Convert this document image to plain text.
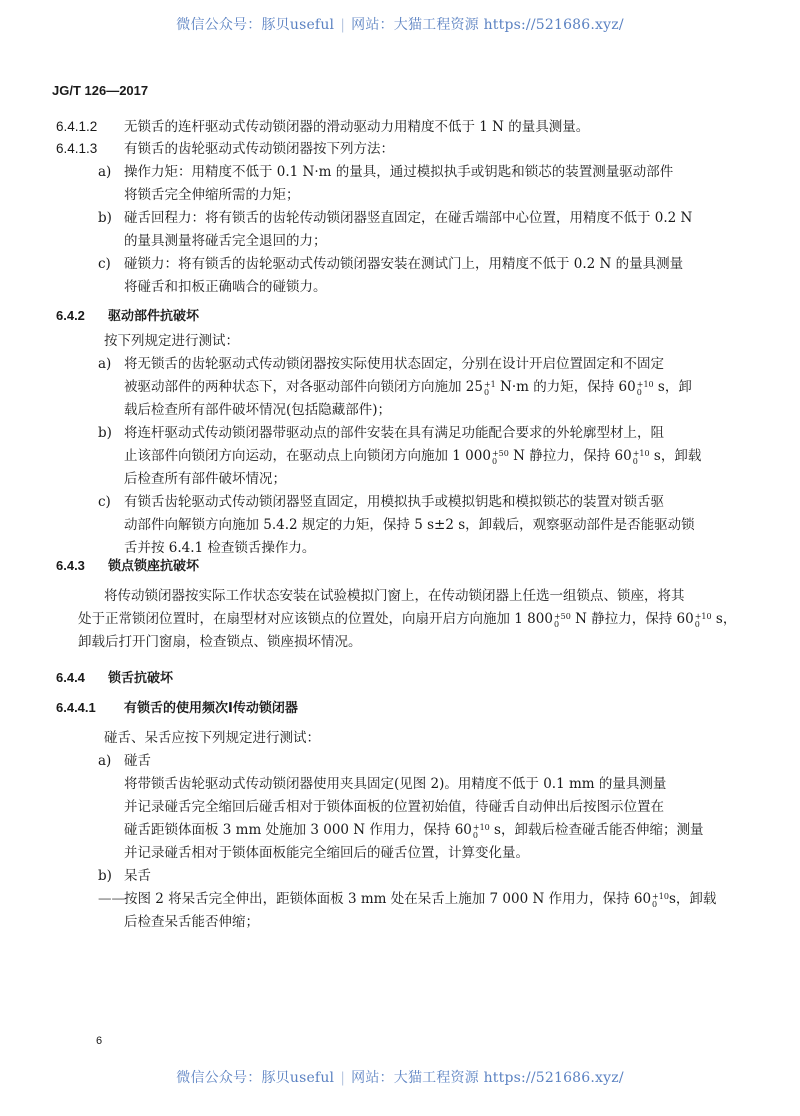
微信公众号：豚贝useful | 网站：大猫工程资源 https://521686.xyz/
JG/T 126—2017
6.4.1.2 无锁舌的连杆驱动式传动锁闭器的滑动驱动力用精度不低于 1 N 的量具测量。
6.4.1.3 有锁舌的齿轮驱动式传动锁闭器按下列方法：
a) 操作力矩：用精度不低于 0.1 N·m 的量具，通过模拟执手或钥匙和锁芯的装置测量驱动部件
将锁舌完全伸缩所需的力矩；
b) 碰舌回程力：将有锁舌的齿轮传动锁闭器竖直固定，在碰舌端部中心位置，用精度不低于 0.2 N
的量具测量将碰舌完全退回的力；
c) 碰锁力：将有锁舌的齿轮驱动式传动锁闭器安装在测试门上，用精度不低于 0.2 N 的量具测量
将碰舌和扣板正确啮合的碰锁力。
6.4.2 驱动部件抗破坏
按下列规定进行测试：
a) 将无锁舌的齿轮驱动式传动锁闭器按实际使用状态固定，分别在设计开启位置固定和不固定
被驱动部件的两种状态下，对各驱动部件向锁闭方向施加 25 +1
0 N·m 的力矩，保持 60 +10
0 s，卸
载后检查所有部件破坏情况(包括隐藏部件)；
b) 将连杆驱动式传动锁闭器带驱动点的部件安装在具有满足功能配合要求的外轮廓型材上，阻
止该部件向锁闭方向运动，在驱动点上向锁闭方向施加 1 000 +50
0 N 静拉力，保持 60 +10
0 s，卸载
后检查所有部件破坏情况；
c) 有锁舌齿轮驱动式传动锁闭器竖直固定，用模拟执手或模拟钥匙和模拟锁芯的装置对锁舌驱
动部件向解锁方向施加 5.4.2 规定的力矩，保持 5 s±2 s，卸载后，观察驱动部件是否能驱动锁
舌并按 6.4.1 检查锁舌操作力。
6.4.3 锁点锁座抗破坏
将传动锁闭器按实际工作状态安装在试验模拟门窗上，在传动锁闭器上任选一组锁点、锁座，将其
处于正常锁闭位置时，在扇型材对应该锁点的位置处，向扇开启方向施加 1 800 +50
0 N 静拉力，保持 60 +10
0 s，
卸载后打开门窗扇，检查锁点、锁座损坏情况。
6.4.4 锁舌抗破坏
6.4.4.1 有锁舌的使用频次Ⅰ传动锁闭器
碰舌、呆舌应按下列规定进行测试：
a) 碰舌
将带锁舌齿轮驱动式传动锁闭器使用夹具固定(见图 2)。用精度不低于 0.1 mm 的量具测量
并记录碰舌完全缩回后碰舌相对于锁体面板的位置初始值，待碰舌自动伸出后按图示位置在
碰舌距锁体面板 3 mm 处施加 3 000 N 作用力，保持 60 +10
0 s，卸载后检查碰舌能否伸缩；测量
并记录碰舌相对于锁体面板能完全缩回后的碰舌位置，计算变化量。
b) 呆舌
——按图 2 将呆舌完全伸出，距锁体面板 3 mm 处在呆舌上施加 7 000 N 作用力，保持 60 +10
0 s，卸载
后检查呆舌能否伸缩；
6
微信公众号：豚贝useful | 网站：大猫工程资源 https://521686.xyz/
